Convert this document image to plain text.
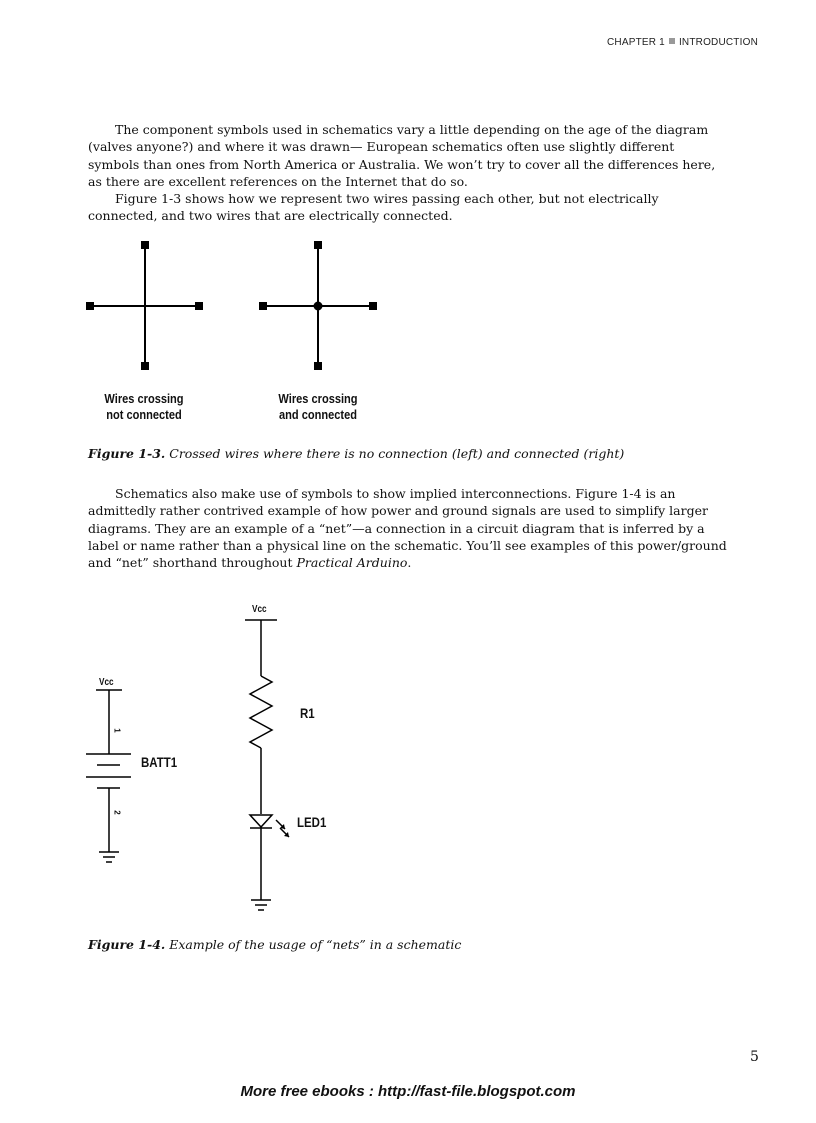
CHAPTER 1 INTRODUCTION

The component symbols used in schematics vary a little depending on the age of the diagram (valves anyone?) and where it was drawn— European schematics often use slightly different symbols than ones from North America or Australia. We won’t try to cover all the differences here, as there are excellent references on the Internet that do so.

Figure 1-3 shows how we represent two wires passing each other, but not electrically connected, and two wires that are electrically connected.

Wires crossing
not connected
Wires crossing
and connected
Figure 1-3. Crossed wires where there is no connection (left) and connected (right)

Schematics also make use of symbols to show implied interconnections. Figure 1-4 is an admittedly rather contrived example of how power and ground signals are used to simplify larger diagrams. They are an example of a “net”—a connection in a circuit diagram that is inferred by a label or name rather than a physical line on the schematic. You’ll see examples of this power/ground and “net” shorthand throughout Practical Arduino.

Vcc
Vcc
1
2
BATT1
R1
LED1
Figure 1-4. Example of the usage of “nets” in a schematic
5
More free ebooks : http://fast-file.blogspot.com
